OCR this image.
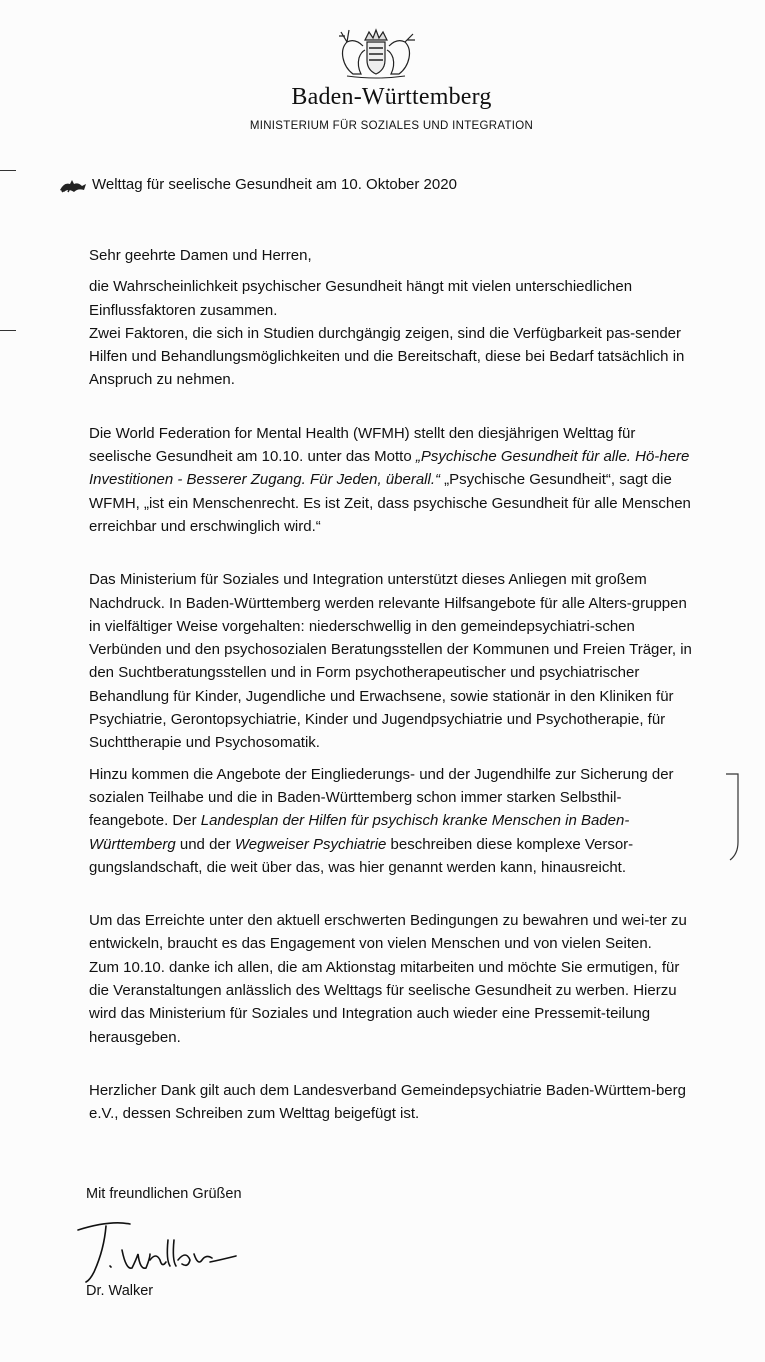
Baden-Württemberg
MINISTERIUM FÜR SOZIALES UND INTEGRATION
Welttag für seelische Gesundheit am 10. Oktober 2020

Sehr geehrte Damen und Herren,

die Wahrscheinlichkeit psychischer Gesundheit hängt mit vielen unterschiedlichen Einflussfaktoren zusammen.

Zwei Faktoren, die sich in Studien durchgängig zeigen, sind die Verfügbarkeit pas-sender Hilfen und Behandlungsmöglichkeiten und die Bereitschaft, diese bei Bedarf tatsächlich in Anspruch zu nehmen.

Die World Federation for Mental Health (WFMH) stellt den diesjährigen Welttag für seelische Gesundheit am 10.10. unter das Motto „Psychische Gesundheit für alle. Hö-here Investitionen - Besserer Zugang. Für Jeden, überall.“ „Psychische Gesundheit“, sagt die WFMH, „ist ein Menschenrecht. Es ist Zeit, dass psychische Gesundheit für alle Menschen erreichbar und erschwinglich wird.“

Das Ministerium für Soziales und Integration unterstützt dieses Anliegen mit großem Nachdruck. In Baden-Württemberg werden relevante Hilfsangebote für alle Alters-gruppen in vielfältiger Weise vorgehalten: niederschwellig in den gemeindepsychiatri-schen Verbünden und den psychosozialen Beratungsstellen der Kommunen und Freien Träger, in den Suchtberatungsstellen und in Form psychotherapeutischer und psychiatrischer Behandlung für Kinder, Jugendliche und Erwachsene, sowie stationär in den Kliniken für Psychiatrie, Gerontopsychiatrie, Kinder und Jugendpsychiatrie und Psychotherapie, für Suchttherapie und Psychosomatik.

Hinzu kommen die Angebote der Eingliederungs- und der Jugendhilfe zur Sicherung der sozialen Teilhabe und die in Baden-Württemberg schon immer starken Selbsthil-feangebote. Der Landesplan der Hilfen für psychisch kranke Menschen in Baden-Württemberg und der Wegweiser Psychiatrie beschreiben diese komplexe Versor-gungslandschaft, die weit über das, was hier genannt werden kann, hinausreicht.

Um das Erreichte unter den aktuell erschwerten Bedingungen zu bewahren und wei-ter zu entwickeln, braucht es das Engagement von vielen Menschen und von vielen Seiten.

Zum 10.10. danke ich allen, die am Aktionstag mitarbeiten und möchte Sie ermutigen, für die Veranstaltungen anlässlich des Welttags für seelische Gesundheit zu werben. Hierzu wird das Ministerium für Soziales und Integration auch wieder eine Pressemit-teilung herausgeben.

Herzlicher Dank gilt auch dem Landesverband Gemeindepsychiatrie Baden-Württem-berg e.V., dessen Schreiben zum Welttag beigefügt ist.

Mit freundlichen Grüßen
Dr. Walker
